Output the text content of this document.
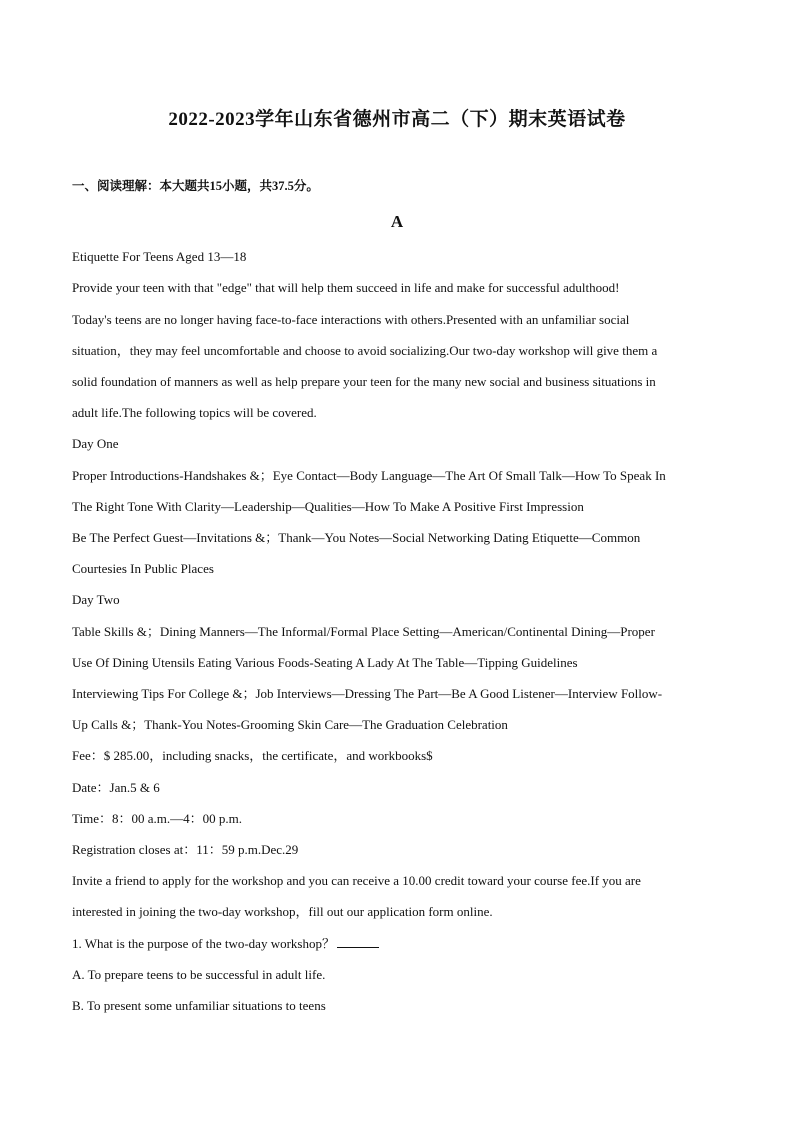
2022-2023学年山东省德州市高二（下）期末英语试卷
一、阅读理解：本大题共15小题，共37.5分。
A
Etiquette For Teens Aged 13—18
Provide your teen with that "edge" that will help them succeed in life and make for successful adulthood!
Today's teens are no longer having face-to-face interactions with others.Presented with an unfamiliar social
situation，they may feel uncomfortable and choose to avoid socializing.Our two-day workshop will give them a
solid foundation of manners as well as help prepare your teen for the many new social and business situations in
adult life.The following topics will be covered.
Day One
Proper Introductions-Handshakes &；Eye Contact—Body Language—The Art Of Small Talk—How To Speak In
The Right Tone With Clarity—Leadership—Qualities—How To Make A Positive First Impression
Be The Perfect Guest—Invitations &；Thank—You Notes—Social Networking Dating Etiquette—Common
Courtesies In Public Places
Day Two
Table Skills &；Dining Manners—The Informal/Formal Place Setting—American/Continental Dining—Proper
Use Of Dining Utensils Eating Various Foods-Seating A Lady At The Table—Tipping Guidelines
Interviewing Tips For College &；Job Interviews—Dressing The Part—Be A Good Listener—Interview Follow-
Up Calls &；Thank-You Notes-Grooming Skin Care—The Graduation Celebration
Fee：$ 285.00，including snacks，the certificate，and workbooks$
Date：Jan.5 & 6
Time：8：00 a.m.—4：00 p.m.
Registration closes at：11：59 p.m.Dec.29
Invite a friend to apply for the workshop and you can receive a 10.00 credit toward your course fee.If you are
interested in joining the two-day workshop，fill out our application form online.
1. What is the purpose of the two-day workshop？
A. To prepare teens to be successful in adult life.
B. To present some unfamiliar situations to teens
